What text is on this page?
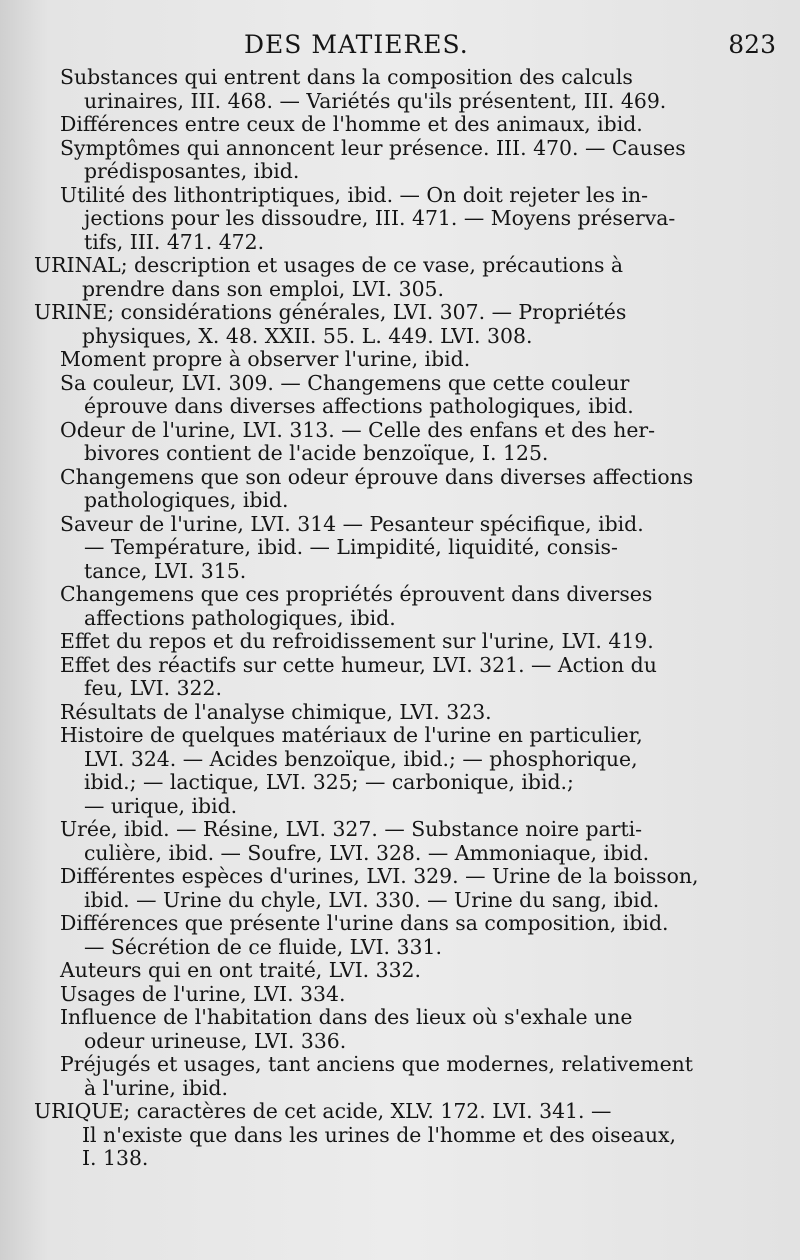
DES MATIERES.	823
Substances qui entrent dans la composition des calculs
urinaires, III. 468. — Variétés qu'ils présentent, III. 469.
Différences entre ceux de l'homme et des animaux, ibid.
Symptômes qui annoncent leur présence. III. 470. — Causes
prédisposantes, ibid.
Utilité des lithontriptiques, ibid. — On doit rejeter les in-
jections pour les dissoudre, III. 471. — Moyens préserva-
tifs, III. 471. 472.
URINAL; description et usages de ce vase, précautions à
prendre dans son emploi, LVI. 305.
URINE; considérations générales, LVI. 307. — Propriétés
physiques, X. 48. XXII. 55. L. 449. LVI. 308.
Moment propre à observer l'urine, ibid.
Sa couleur, LVI. 309. — Changemens que cette couleur
éprouve dans diverses affections pathologiques, ibid.
Odeur de l'urine, LVI. 313. — Celle des enfans et des her-
bivores contient de l'acide benzoïque, I. 125.
Changemens que son odeur éprouve dans diverses affections
pathologiques, ibid.
Saveur de l'urine, LVI. 314 — Pesanteur spécifique, ibid.
— Température, ibid. — Limpidité, liquidité, consis-
tance, LVI. 315.
Changemens que ces propriétés éprouvent dans diverses
affections pathologiques, ibid.
Effet du repos et du refroidissement sur l'urine, LVI. 419.
Effet des réactifs sur cette humeur, LVI. 321. — Action du
feu, LVI. 322.
Résultats de l'analyse chimique, LVI. 323.
Histoire de quelques matériaux de l'urine en particulier,
LVI. 324. — Acides benzoïque, ibid.; — phosphorique,
ibid.; — lactique, LVI. 325; — carbonique, ibid.;
— urique, ibid.
Urée, ibid. — Résine, LVI. 327. — Substance noire parti-
culière, ibid. — Soufre, LVI. 328. — Ammoniaque, ibid.
Différentes espèces d'urines, LVI. 329. — Urine de la boisson,
ibid. — Urine du chyle, LVI. 330. — Urine du sang, ibid.
Différences que présente l'urine dans sa composition, ibid.
— Sécrétion de ce fluide, LVI. 331.
Auteurs qui en ont traité, LVI. 332.
Usages de l'urine, LVI. 334.
Influence de l'habitation dans des lieux où s'exhale une
odeur urineuse, LVI. 336.
Préjugés et usages, tant anciens que modernes, relativement
à l'urine, ibid.
URIQUE; caractères de cet acide, XLV. 172. LVI. 341. —
Il n'existe que dans les urines de l'homme et des oiseaux,
I. 138.
